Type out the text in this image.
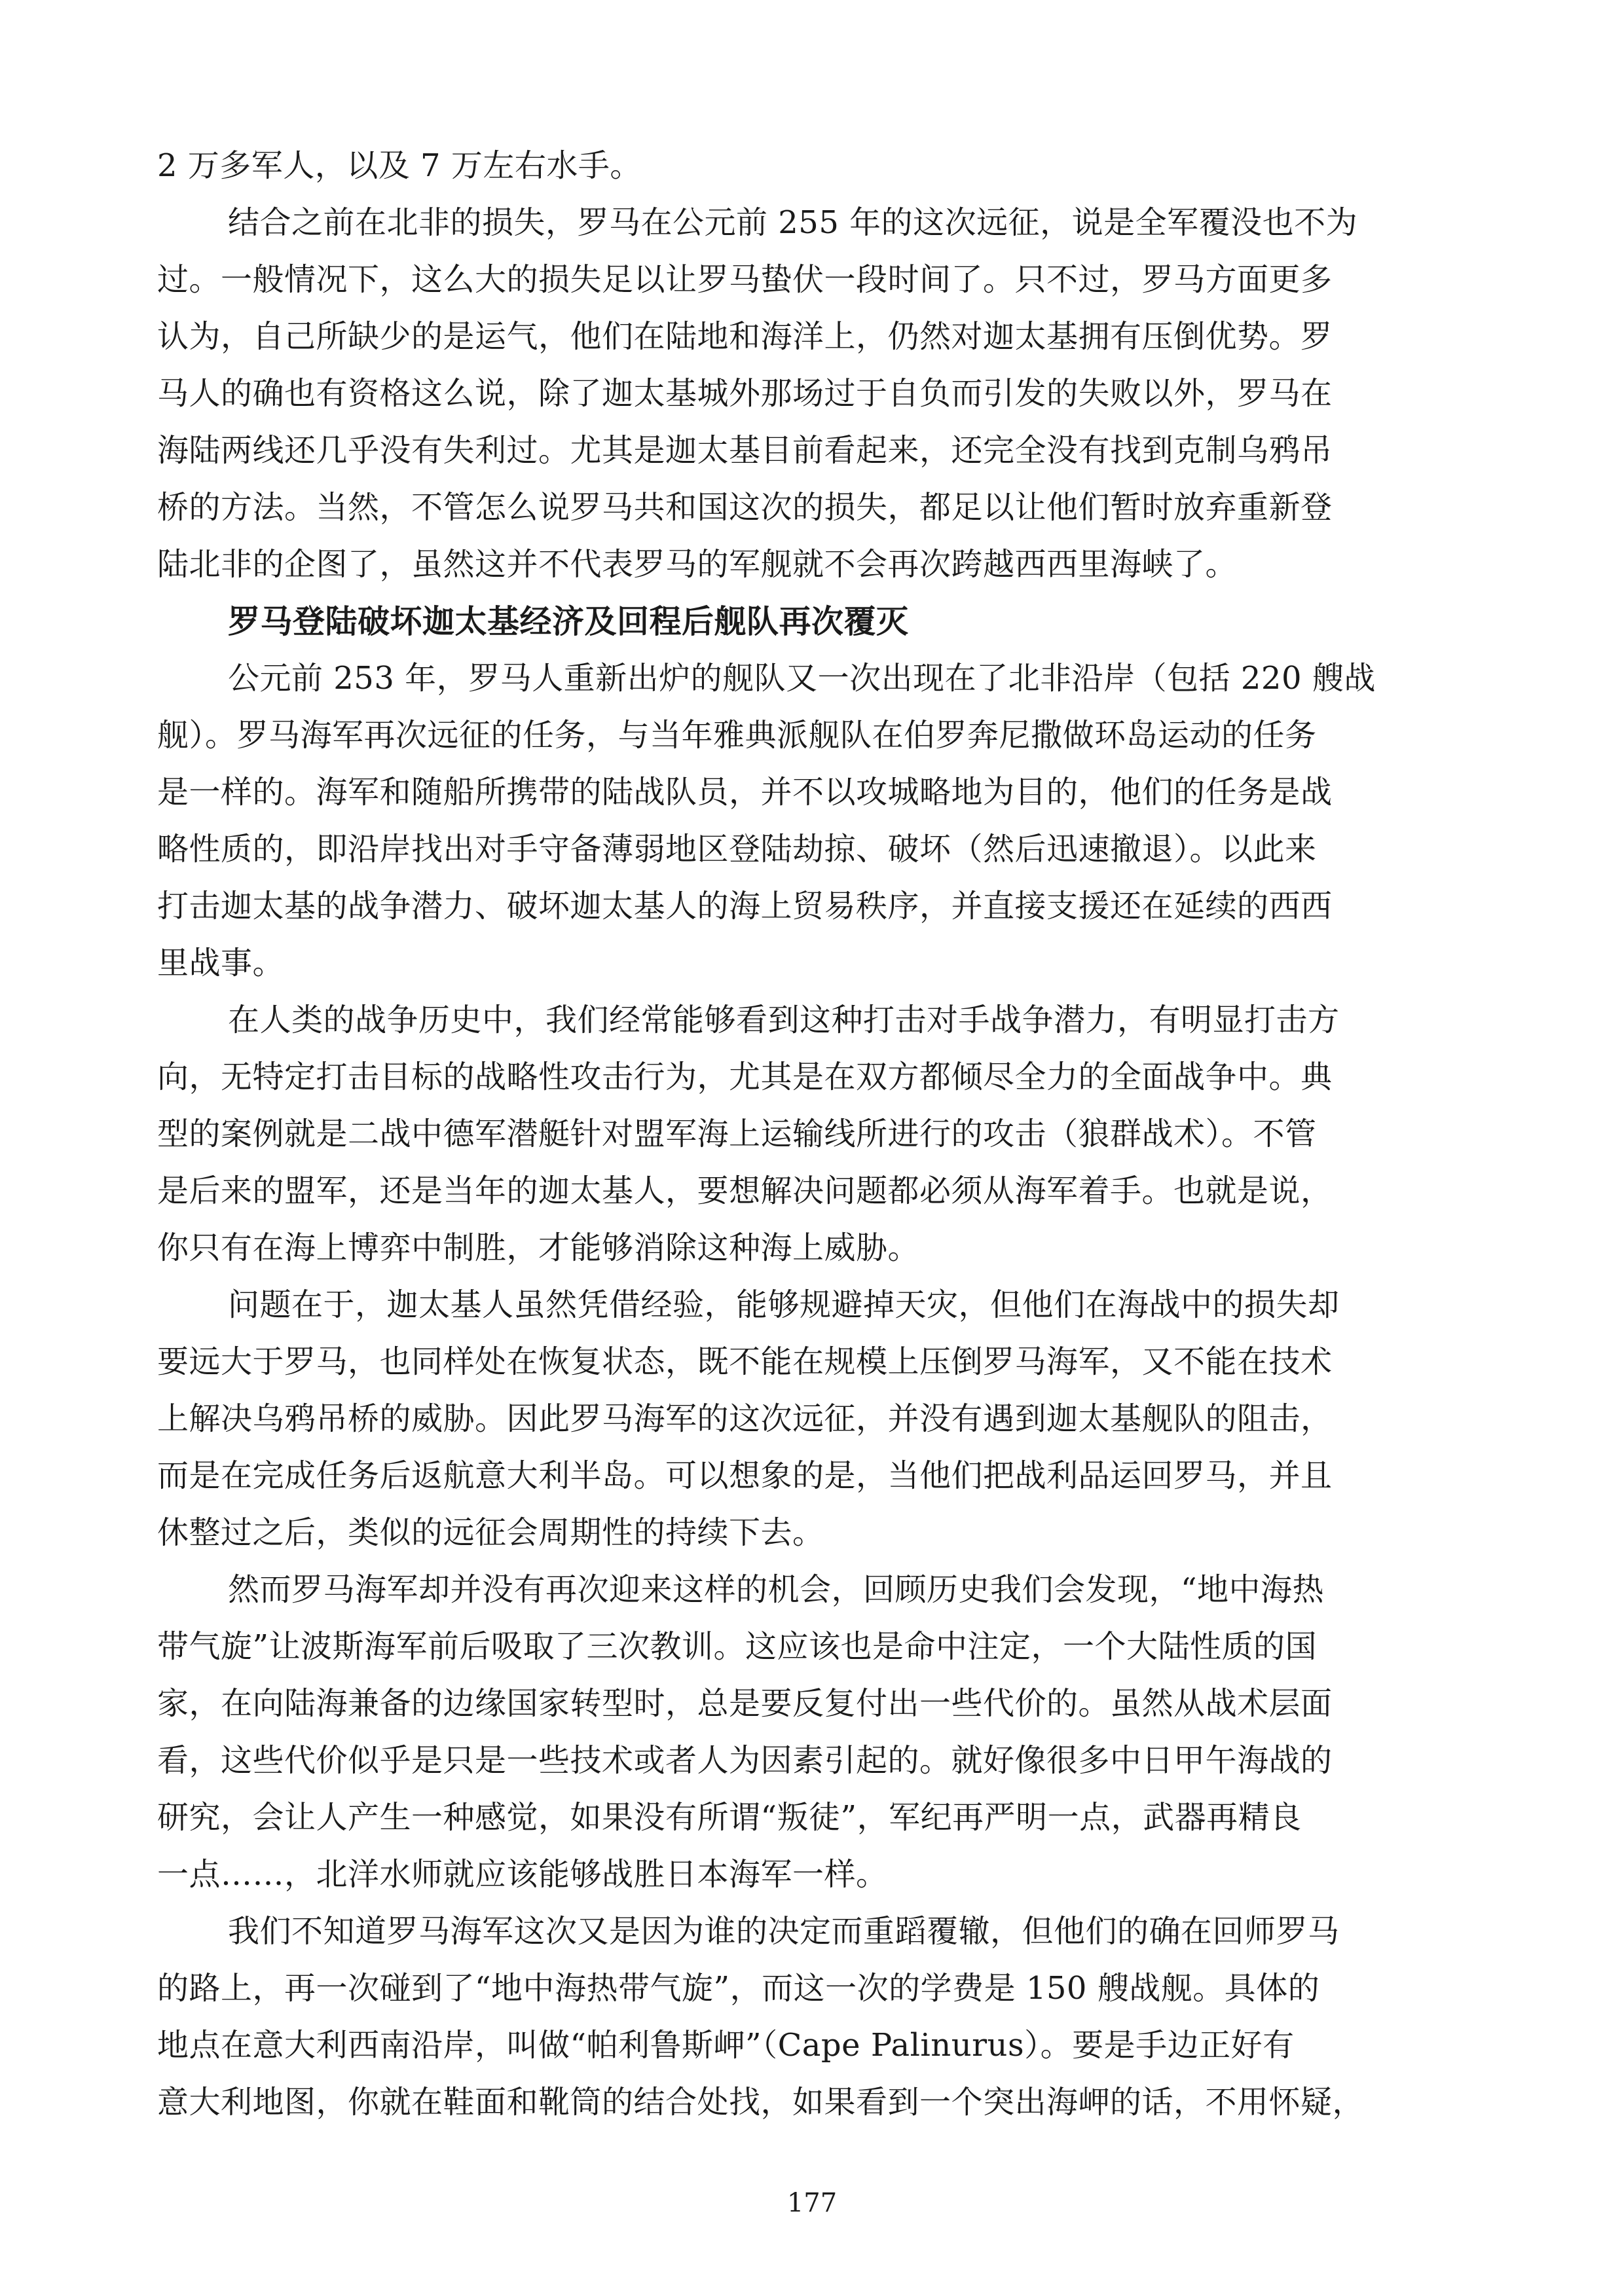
2 万多军人，以及 7 万左右水手。

结合之前在北非的损失，罗马在公元前 255 年的这次远征，说是全军覆没也不为

过。一般情况下，这么大的损失足以让罗马蛰伏一段时间了。只不过，罗马方面更多

认为，自己所缺少的是运气，他们在陆地和海洋上，仍然对迦太基拥有压倒优势。罗

马人的确也有资格这么说，除了迦太基城外那场过于自负而引发的失败以外，罗马在

海陆两线还几乎没有失利过。尤其是迦太基目前看起来，还完全没有找到克制乌鸦吊

桥的方法。当然，不管怎么说罗马共和国这次的损失，都足以让他们暂时放弃重新登

陆北非的企图了，虽然这并不代表罗马的军舰就不会再次跨越西西里海峡了。

罗马登陆破坏迦太基经济及回程后舰队再次覆灭

公元前 253 年，罗马人重新出炉的舰队又一次出现在了北非沿岸（包括 220 艘战

舰）。罗马海军再次远征的任务，与当年雅典派舰队在伯罗奔尼撒做环岛运动的任务

是一样的。海军和随船所携带的陆战队员，并不以攻城略地为目的，他们的任务是战

略性质的，即沿岸找出对手守备薄弱地区登陆劫掠、破坏（然后迅速撤退）。以此来

打击迦太基的战争潜力、破坏迦太基人的海上贸易秩序，并直接支援还在延续的西西

里战事。

在人类的战争历史中，我们经常能够看到这种打击对手战争潜力，有明显打击方

向，无特定打击目标的战略性攻击行为，尤其是在双方都倾尽全力的全面战争中。典

型的案例就是二战中德军潜艇针对盟军海上运输线所进行的攻击（狼群战术）。不管

是后来的盟军，还是当年的迦太基人，要想解决问题都必须从海军着手。也就是说，

你只有在海上博弈中制胜，才能够消除这种海上威胁。

问题在于，迦太基人虽然凭借经验，能够规避掉天灾，但他们在海战中的损失却

要远大于罗马，也同样处在恢复状态，既不能在规模上压倒罗马海军，又不能在技术

上解决乌鸦吊桥的威胁。因此罗马海军的这次远征，并没有遇到迦太基舰队的阻击，

而是在完成任务后返航意大利半岛。可以想象的是，当他们把战利品运回罗马，并且

休整过之后，类似的远征会周期性的持续下去。

然而罗马海军却并没有再次迎来这样的机会，回顾历史我们会发现，“地中海热

带气旋”让波斯海军前后吸取了三次教训。这应该也是命中注定，一个大陆性质的国

家，在向陆海兼备的边缘国家转型时，总是要反复付出一些代价的。虽然从战术层面

看，这些代价似乎是只是一些技术或者人为因素引起的。就好像很多中日甲午海战的

研究，会让人产生一种感觉，如果没有所谓“叛徒”，军纪再严明一点，武器再精良

一点……，北洋水师就应该能够战胜日本海军一样。

我们不知道罗马海军这次又是因为谁的决定而重蹈覆辙，但他们的确在回师罗马

的路上，再一次碰到了“地中海热带气旋”，而这一次的学费是 150 艘战舰。具体的

地点在意大利西南沿岸，叫做“帕利鲁斯岬”（Cape Palinurus）。要是手边正好有

意大利地图，你就在鞋面和靴筒的结合处找，如果看到一个突出海岬的话，不用怀疑，

177
